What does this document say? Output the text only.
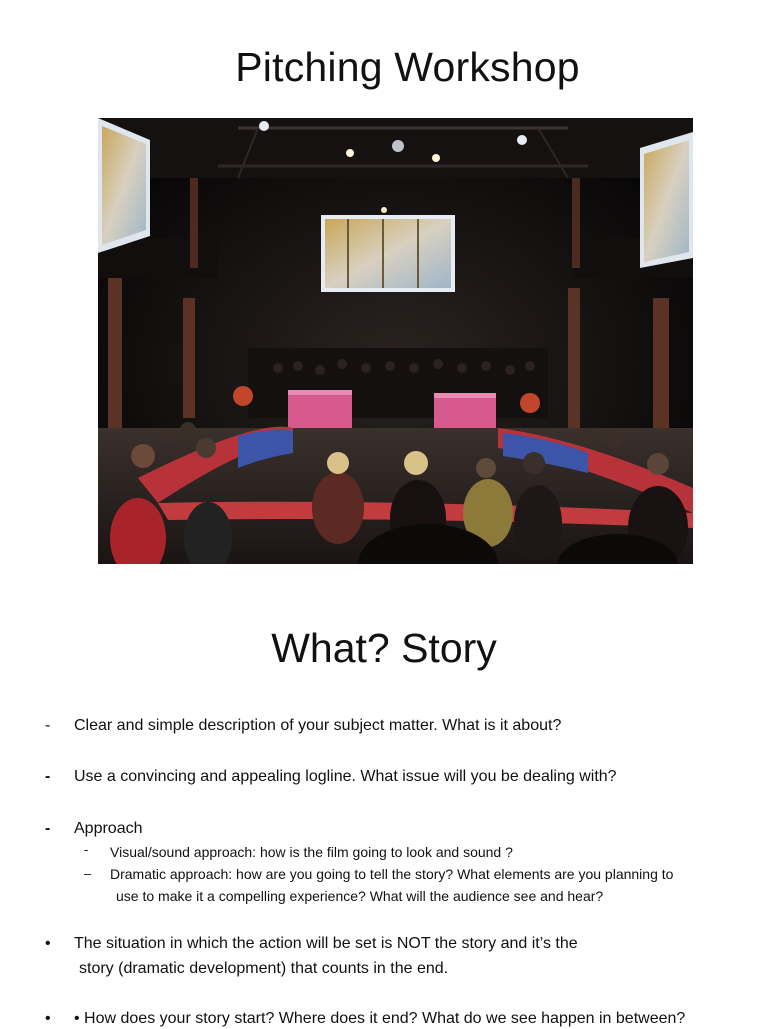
Pitching Workshop
What? Story
- Clear and simple description of your subject matter. What is it about?
- Use a convincing and appealing logline. What issue will you be dealing with?
- Approach
- Visual/sound approach: how is the film going to look and sound ?
– Dramatic approach: how are you going to tell the story? What elements are you planning to
use to make it a compelling experience? What will the audience see and hear?
• The situation in which the action will be set is NOT the story and it’s the
story (dramatic development) that counts in the end.
• • How does your story start? Where does it end? What do we see happen in between?
